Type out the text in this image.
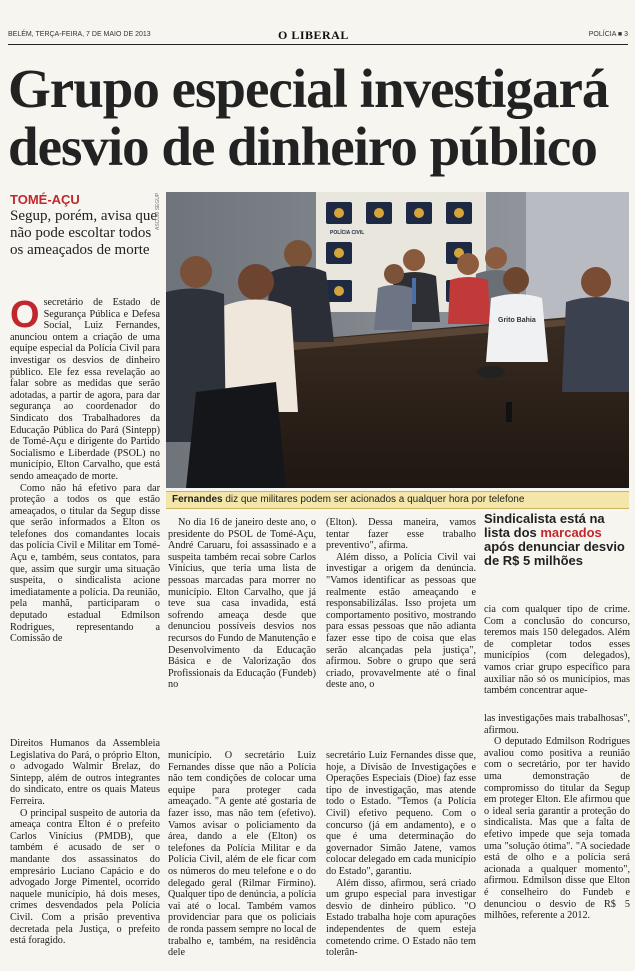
BELÉM, TERÇA-FEIRA, 7 DE MAIO DE 2013	O LIBERAL	POLÍCIA ■ 3
Grupo especial investigará desvio de dinheiro público
TOMÉ-AÇU
Segup, porém, avisa que não pode escoltar todos os ameaçados de morte
ASCOM SEGUP
POLÍCIA CIVIL
Grito Bahia
Fernandes diz que militares podem ser acionados a qualquer hora por telefone

Osecretário de Estado de Segurança Pública e Defesa Social, Luiz Fernandes, anunciou ontem a criação de uma equipe especial da Polícia Civil para investigar os desvios de dinheiro público. Ele fez essa revelação ao falar sobre as medidas que serão adotadas, a partir de agora, para dar segurança ao coordenador do Sindicato dos Trabalhadores da Educação Pública do Pará (Sintepp) de Tomé-Açu e dirigente do Partido Socialismo e Liberdade (PSOL) no município, Elton Carvalho, que está sendo ameaçado de morte.

Como não há efetivo para dar proteção a todos os que estão ameaçados, o titular da Segup disse que serão informados a Elton os telefones dos comandantes locais das polícia Civil e Militar em Tomé-Açu e, também, seus contatos, para que, assim que surgir uma situação suspeita, o sindicalista acione imediatamente a polícia. Da reunião, pela manhã, participaram o deputado estadual Edmilson Rodrigues, representando a Comissão de

Direitos Humanos da Assembleia Legislativa do Pará, o próprio Elton, o advogado Walmir Brelaz, do Sintepp, além de outros integrantes do sindicato, entre os quais Mateus Ferreira.

O principal suspeito de autoria da ameaça contra Elton é o prefeito Carlos Vinícius (PMDB), que também é acusado de ser o mandante dos assassinatos do empresário Luciano Capácio e do advogado Jorge Pimentel, ocorrido naquele município, há dois meses, crimes desvendados pela Polícia Civil. Com a prisão preventiva decretada pela Justiça, o prefeito está foragido.

No dia 16 de janeiro deste ano, o presidente do PSOL de Tomé-Açu, André Caruaru, foi assassinado e a suspeita também recai sobre Carlos Vinícius, que teria uma lista de pessoas marcadas para morrer no município. Elton Carvalho, que já teve sua casa invadida, está sofrendo ameaça desde que denunciou possíveis desvios nos recursos do Fundo de Manutenção e Desenvolvimento da Educação Básica e de Valorização dos Profissionais da Educação (Fundeb) no

município. O secretário Luiz Fernandes disse que não a Polícia não tem condições de colocar uma equipe para proteger cada ameaçado. "A gente até gostaria de fazer isso, mas não tem (efetivo). Vamos avisar o policiamento da área, dando a ele (Elton) os telefones da Polícia Militar e da Polícia Civil, além de ele ficar com os números do meu telefone e o do delegado geral (Rilmar Firmino). Qualquer tipo de denúncia, a polícia vai até o local. Também vamos providenciar para que os policiais de ronda passem sempre no local de trabalho e, também, na residência dele

(Elton). Dessa maneira, vamos tentar fazer esse trabalho preventivo", afirma.

Além disso, a Polícia Civil vai investigar a origem da denúncia. "Vamos identificar as pessoas que realmente estão ameaçando e responsabilizálas. Isso projeta um comportamento positivo, mostrando para essas pessoas que não adianta fazer esse tipo de coisa que elas serão alcançadas pela justiça", afirmou. Sobre o grupo que será criado, provavelmente até o final deste ano, o

secretário Luiz Fernandes disse que, hoje, a Divisão de Investigações e Operações Especiais (Dioe) faz esse tipo de investigação, mas atende todo o Estado. "Temos (a Polícia Civil) efetivo pequeno. Com o concurso (já em andamento), e o que é uma determinação do governador Simão Jatene, vamos colocar delegado em cada município do Estado", garantiu.

Além disso, afirmou, será criado um grupo especial para investigar desvio de dinheiro público. "O Estado trabalha hoje com apurações independentes de quem esteja cometendo crime. O Estado não tem tolerân-

Sindicalista está na lista dos marcados após denunciar desvio de R$ 5 milhões

cia com qualquer tipo de crime. Com a conclusão do concurso, teremos mais 150 delegados. Além de completar todos esses municípios (com delegados), vamos criar grupo específico para auxiliar não só os municípios, mas também concentrar aque-

las investigações mais trabalhosas", afirmou.

O deputado Edmilson Rodrigues avaliou como positiva a reunião com o secretário, por ter havido uma demonstração de compromisso do titular da Segup em proteger Elton. Ele afirmou que o ideal seria garantir a proteção do sindicalista. Mas que a falta de efetivo impede que seja tomada uma "solução ótima". "A sociedade está de olho e a polícia será acionada a qualquer momento", afirmou. Edmilson disse que Elton é conselheiro do Fundeb e denunciou o desvio de R$ 5 milhões, referente a 2012.
